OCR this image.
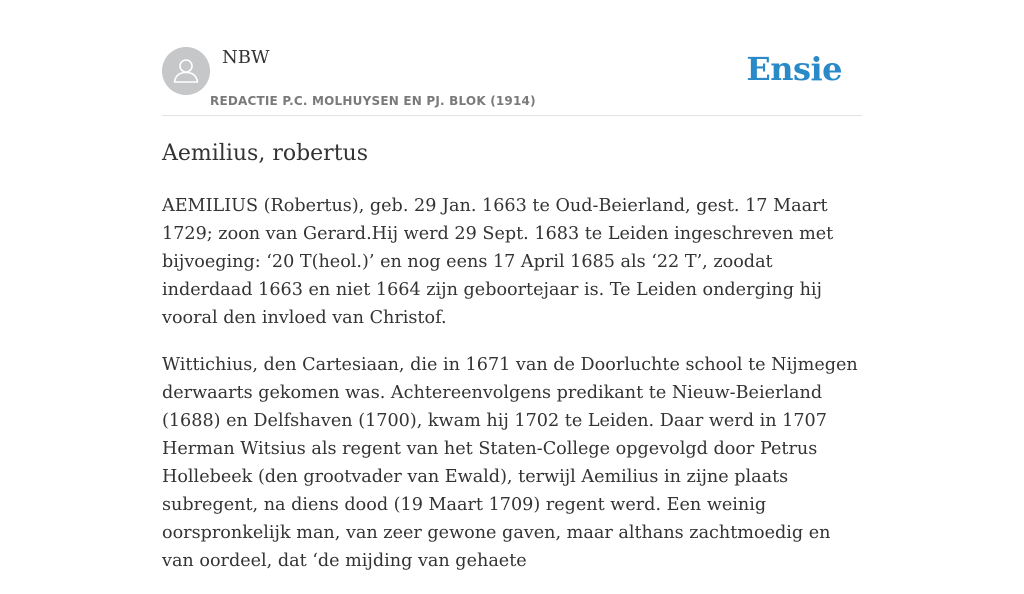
NBW
REDACTIE P.C. MOLHUYSEN EN PJ. BLOK (1914)
Ensie
Aemilius, robertus

AEMILIUS (Robertus), geb. 29 Jan. 1663 te Oud-Beierland, gest. 17 Maart 1729; zoon van Gerard.Hij werd 29 Sept. 1683 te Leiden ingeschreven met bijvoeging: ‘20 T(heol.)’ en nog eens 17 April 1685 als ‘22 T’, zoodat inderdaad 1663 en niet 1664 zijn geboortejaar is. Te Leiden onderging hij vooral den invloed van Christof.

Wittichius, den Cartesiaan, die in 1671 van de Doorluchte school te Nijmegen derwaarts gekomen was. Achtereenvolgens predikant te Nieuw-Beierland (1688) en Delfshaven (1700), kwam hij 1702 te Leiden. Daar werd in 1707 Herman Witsius als regent van het Staten-College opgevolgd door Petrus Hollebeek (den grootvader van Ewald), terwijl Aemilius in zijne plaats subregent, na diens dood (19 Maart 1709) regent werd. Een weinig oorspronkelijk man, van zeer gewone gaven, maar althans zachtmoedig en van oordeel, dat ‘de mijding van gehaete
